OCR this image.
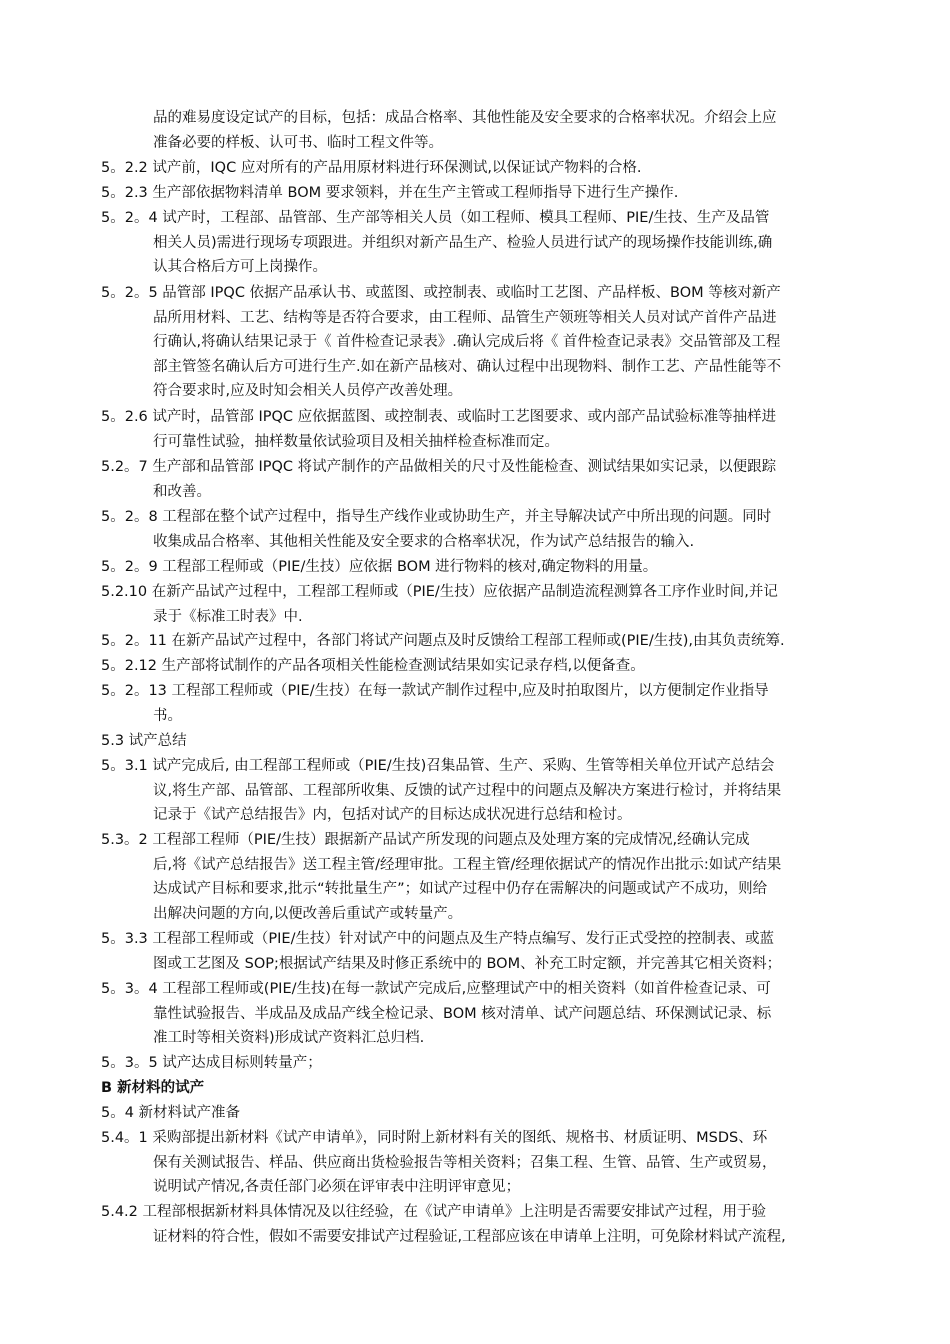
品的难易度设定试产的目标，包括：成品合格率、其他性能及安全要求的合格率状况。介绍会上应
准备必要的样板、认可书、临时工程文件等。
5。2.2 试产前，IQC 应对所有的产品用原材料进行环保测试,以保证试产物料的合格.
5。2.3 生产部依据物料清单 BOM 要求领料，并在生产主管或工程师指导下进行生产操作.
5。2。4 试产时，工程部、品管部、生产部等相关人员（如工程师、模具工程师、PIE/生技、生产及品管
相关人员)需进行现场专项跟进。并组织对新产品生产、检验人员进行试产的现场操作技能训练,确
认其合格后方可上岗操作。
5。2。5 品管部 IPQC 依据产品承认书、或蓝图、或控制表、或临时工艺图、产品样板、BOM 等核对新产
品所用材料、工艺、结构等是否符合要求，由工程师、品管生产领班等相关人员对试产首件产品进
行确认,将确认结果记录于《 首件检查记录表》.确认完成后将《 首件检查记录表》交品管部及工程
部主管签名确认后方可进行生产.如在新产品核对、确认过程中出现物料、制作工艺、产品性能等不
符合要求时,应及时知会相关人员停产改善处理。
5。2.6 试产时，品管部 IPQC 应依据蓝图、或控制表、或临时工艺图要求、或内部产品试验标准等抽样进
行可靠性试验，抽样数量依试验项目及相关抽样检查标准而定。
5.2。7 生产部和品管部 IPQC 将试产制作的产品做相关的尺寸及性能检查、测试结果如实记录，以便跟踪
和改善。
5。2。8 工程部在整个试产过程中，指导生产线作业或协助生产，并主导解决试产中所出现的问题。同时
收集成品合格率、其他相关性能及安全要求的合格率状况，作为试产总结报告的输入.
5。2。9 工程部工程师或（PIE/生技）应依据 BOM 进行物料的核对,确定物料的用量。
5.2.10 在新产品试产过程中，工程部工程师或（PIE/生技）应依据产品制造流程测算各工序作业时间,并记
录于《标准工时表》中.
5。2。11 在新产品试产过程中，各部门将试产问题点及时反馈给工程部工程师或(PIE/生技),由其负责统筹.
5。2.12 生产部将试制作的产品各项相关性能检查测试结果如实记录存档,以便备查。
5。2。13 工程部工程师或（PIE/生技）在每一款试产制作过程中,应及时拍取图片，以方便制定作业指导
书。
5.3 试产总结
5。3.1 试产完成后, 由工程部工程师或（PIE/生技)召集品管、生产、采购、生管等相关单位开试产总结会
议,将生产部、品管部、工程部所收集、反馈的试产过程中的问题点及解决方案进行检讨，并将结果
记录于《试产总结报告》内，包括对试产的目标达成状况进行总结和检讨。
5.3。2 工程部工程师（PIE/生技）跟据新产品试产所发现的问题点及处理方案的完成情况,经确认完成
后,将《试产总结报告》送工程主管/经理审批。工程主管/经理依据试产的情况作出批示:如试产结果
达成试产目标和要求,批示“转批量生产”；如试产过程中仍存在需解决的问题或试产不成功，则给
出解决问题的方向,以便改善后重试产或转量产。
5。3.3 工程部工程师或（PIE/生技）针对试产中的问题点及生产特点编写、发行正式受控的控制表、或蓝
图或工艺图及 SOP;根据试产结果及时修正系统中的 BOM、补充工时定额，并完善其它相关资料；
5。3。4 工程部工程师或(PIE/生技)在每一款试产完成后,应整理试产中的相关资料（如首件检查记录、可
靠性试验报告、半成品及成品产线全检记录、BOM 核对清单、试产问题总结、环保测试记录、标
准工时等相关资料)形成试产资料汇总归档.
5。3。5 试产达成目标则转量产；
B 新材料的试产
5。4 新材料试产准备
5.4。1 采购部提出新材料《试产申请单》，同时附上新材料有关的图纸、规格书、材质证明、MSDS、环
保有关测试报告、样品、供应商出货检验报告等相关资料；召集工程、生管、品管、生产或贸易，
说明试产情况,各责任部门必须在评审表中注明评审意见；
5.4.2 工程部根据新材料具体情况及以往经验，在《试产申请单》上注明是否需要安排试产过程，用于验
证材料的符合性，假如不需要安排试产过程验证,工程部应该在申请单上注明，可免除材料试产流程,
